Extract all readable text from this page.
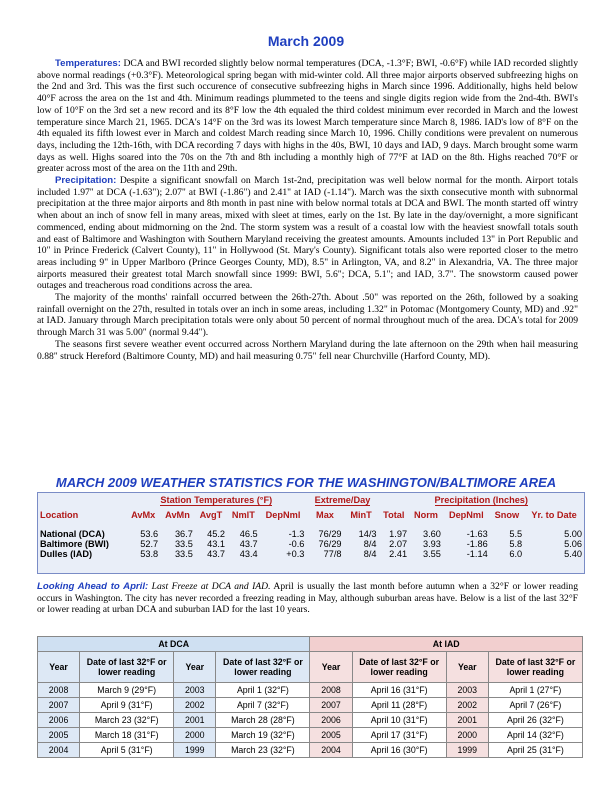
March 2009

Temperatures: DCA and BWI recorded slightly below normal temperatures (DCA, -1.3°F; BWI, -0.6°F) while IAD recorded slightly above normal readings (+0.3°F). Meteorological spring began with mid-winter cold. All three major airports observed subfreezing highs on the 2nd and 3rd. This was the first such occurence of consecutive subfreezing highs in March since 1996. Additionally, highs held below 40°F across the area on the 1st and 4th. Minimum readings plummeted to the teens and single digits region wide from the 2nd-4th. BWI's low of 10°F on the 3rd set a new record and its 8°F low the 4th equaled the third coldest minimum ever recorded in March and the lowest temperature since March 21, 1965. DCA's 14°F on the 3rd was its lowest March temperature since March 8, 1986. IAD's low of 8°F on the 4th equaled its fifth lowest ever in March and coldest March reading since March 10, 1996. Chilly conditions were prevalent on numerous days, including the 12th-16th, with DCA recording 7 days with highs in the 40s, BWI, 10 days and IAD, 9 days. March brought some warm days as well. Highs soared into the 70s on the 7th and 8th including a monthly high of 77°F at IAD on the 8th. Highs reached 70°F or greater across most of the area on the 11th and 29th.

Precipitation: Despite a significant snowfall on March 1st-2nd, precipitation was well below normal for the month. Airport totals included 1.97" at DCA (-1.63"); 2.07" at BWI (-1.86") and 2.41" at IAD (-1.14"). March was the sixth consecutive month with subnormal precipitation at the three major airports and 8th month in past nine with below normal totals at DCA and BWI. The month started off wintry when about an inch of snow fell in many areas, mixed with sleet at times, early on the 1st. By late in the day/overnight, a more significant commenced, ending about midmorning on the 2nd. The storm system was a result of a coastal low with the heaviest snowfall totals south and east of Baltimore and Washington with Southern Maryland receiving the greatest amounts. Amounts included 13" in Port Republic and 10" in Prince Frederick (Calvert County), 11" in Hollywood (St. Mary's County). Significant totals also were reported closer to the metro areas including 9" in Upper Marlboro (Prince Georges County, MD), 8.5" in Arlington, VA, and 8.2" in Alexandria, VA. The three major airports measured their greatest total March snowfall since 1999: BWI, 5.6"; DCA, 5.1"; and IAD, 3.7". The snowstorm caused power outages and treacherous road conditions across the area.

The majority of the months' rainfall occurred between the 26th-27th. About .50" was reported on the 26th, followed by a soaking rainfall overnight on the 27th, resulted in totals over an inch in some areas, including 1.32" in Potomac (Montgomery County, MD) and .92" at IAD. January through March precipitation totals were only about 50 percent of normal throughout much of the area. DCA's total for 2009 through March 31 was 5.00" (normal 9.44").

The seasons first severe weather event occurred across Northern Maryland during the late afternoon on the 29th when hail measuring 0.88" struck Hereford (Baltimore County, MD) and hail measuring 0.75" fell near Churchville (Harford County, MD).

MARCH 2009 WEATHER STATISTICS FOR THE WASHINGTON/BALTIMORE AREA
	Station Temperatures (°F)					Extreme/Day		Precipitation (Inches)				
Location	AvMx	AvMn	AvgT	NmlT	DepNml	Max	MinT	Total	Norm	DepNml	Snow	Yr. to Date

National (DCA)	53.6	36.7	45.2	46.5	-1.3	76/29	14/3	1.97	3.60	-1.63	5.5	5.00
Baltimore (BWI)	52.7	33.5	43.1	43.7	-0.6	76/29	8/4	2.07	3.93	-1.86	5.8	5.06
Dulles (IAD)	53.8	33.5	43.7	43.4	+0.3	77/8	8/4	2.41	3.55	-1.14	6.0	5.40
Looking Ahead to April: Last Freeze at DCA and IAD. April is usually the last month before autumn when a 32°F or lower reading occurs in Washington. The city has never recorded a freezing reading in May, although suburban areas have. Below is a list of the last 32°F or lower reading at urban DCA and suburban IAD for the last 10 years.
At DCA				At IAD			
Year	Date of last 32°F or lower reading	Year	Date of last 32°F or lower reading	Year	Date of last 32°F or lower reading	Year	Date of last 32°F or lower reading
2008	March 9 (29°F)	2003	April 1 (32°F)	2008	April 16 (31°F)	2003	April 1 (27°F)
2007	April 9 (31°F)	2002	April 7 (32°F)	2007	April 11 (28°F)	2002	April 7 (26°F)
2006	March 23 (32°F)	2001	March 28 (28°F)	2006	April 10 (31°F)	2001	April 26 (32°F)
2005	March 18 (31°F)	2000	March 19 (32°F)	2005	April 17 (31°F)	2000	April 14 (32°F)
2004	April 5 (31°F)	1999	March 23 (32°F)	2004	April 16 (30°F)	1999	April 25 (31°F)
